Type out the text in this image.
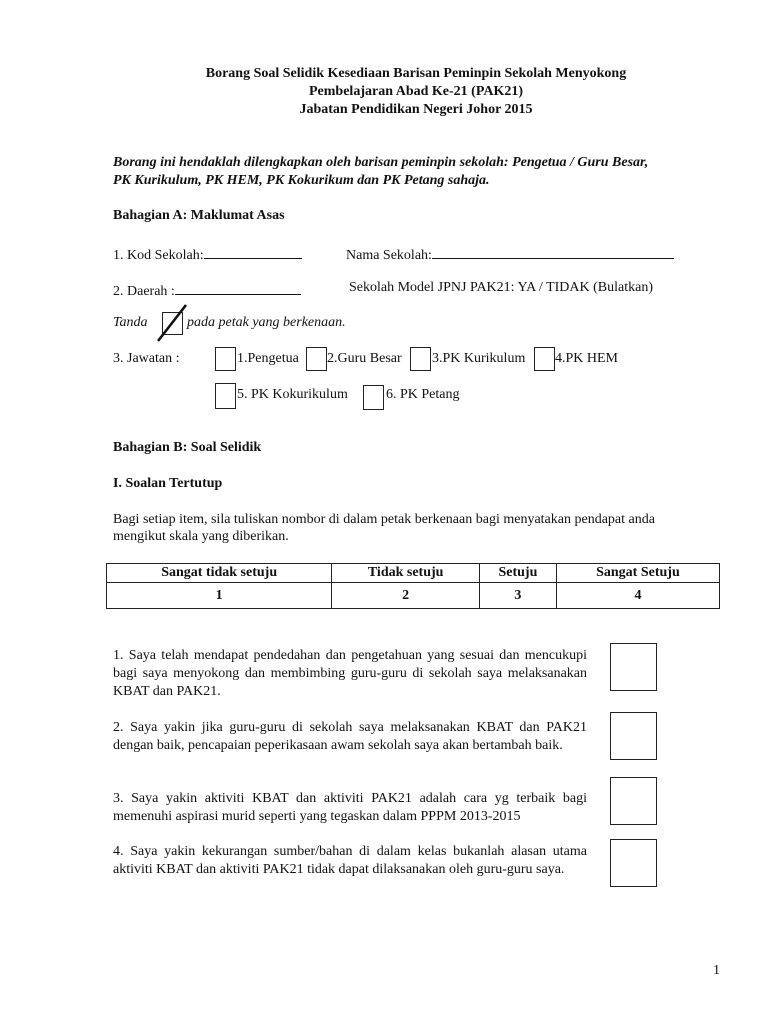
Borang Soal Selidik Kesediaan Barisan Peminpin Sekolah Menyokong
Pembelajaran Abad Ke-21 (PAK21)
Jabatan Pendidikan Negeri Johor 2015
Borang ini hendaklah dilengkapkan oleh barisan peminpin sekolah: Pengetua / Guru Besar,
PK Kurikulum, PK HEM, PK Kokurikum dan PK Petang sahaja.
Bahagian A: Maklumat Asas
1. Kod Sekolah:	Nama Sekolah:
2. Daerah :	Sekolah Model JPNJ PAK21: YA / TIDAK (Bulatkan)
Tanda	pada petak yang berkenaan.
3. Jawatan :	1.Pengetua 2.Guru Besar 3.PK Kurikulum 4.PK HEM
5. PK Kokurikulum	6. PK Petang
Bahagian B: Soal Selidik
I. Soalan Tertutup
Bagi setiap item, sila tuliskan nombor di dalam petak berkenaan bagi menyatakan pendapat anda
mengikut skala yang diberikan.
Sangat tidak setuju	Tidak setuju	Setuju	Sangat Setuju
1	2	3	4
1. Saya telah mendapat pendedahan dan pengetahuan yang sesuai dan mencukupi bagi saya menyokong dan membimbing guru-guru di sekolah saya melaksanakan KBAT dan PAK21.
2. Saya yakin jika guru-guru di sekolah saya melaksanakan KBAT dan PAK21 dengan baik, pencapaian peperikasaan awam sekolah saya akan bertambah baik.
3. Saya yakin aktiviti KBAT dan aktiviti PAK21 adalah cara yg terbaik bagi memenuhi aspirasi murid seperti yang tegaskan dalam PPPM 2013-2015
4. Saya yakin kekurangan sumber/bahan di dalam kelas bukanlah alasan utama aktiviti KBAT dan aktiviti PAK21 tidak dapat dilaksanakan oleh guru-guru saya.
1
